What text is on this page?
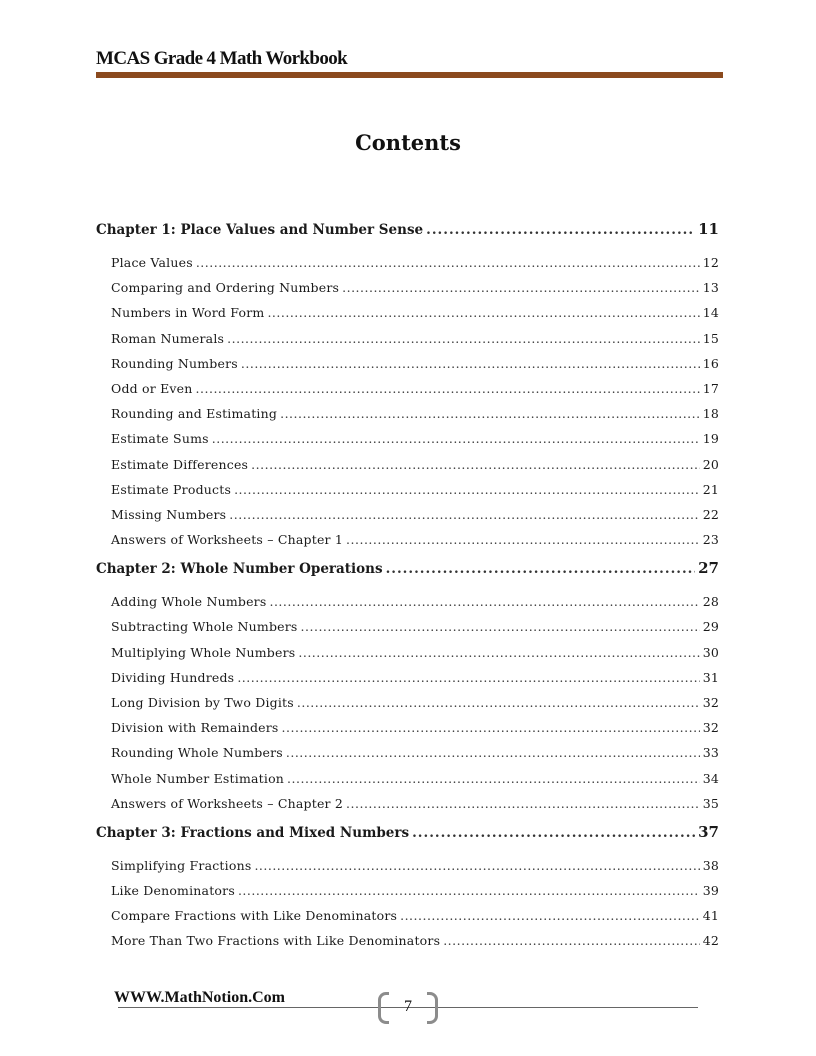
MCAS Grade 4 Math Workbook
Contents
Chapter 1: Place Values and Number Sense .....	11
Place Values .....	12
Comparing and Ordering Numbers .....	13
Numbers in Word Form .....	14
Roman Numerals .....	15
Rounding Numbers .....	16
Odd or Even .....	17
Rounding and Estimating .....	18
Estimate Sums .....	19
Estimate Differences .....	20
Estimate Products .....	21
Missing Numbers .....	22
Answers of Worksheets – Chapter 1 .....	23
Chapter 2: Whole Number Operations .....	27
Adding Whole Numbers .....	28
Subtracting Whole Numbers .....	29
Multiplying Whole Numbers .....	30
Dividing Hundreds .....	31
Long Division by Two Digits .....	32
Division with Remainders .....	32
Rounding Whole Numbers .....	33
Whole Number Estimation .....	34
Answers of Worksheets – Chapter 2 .....	35
Chapter 3: Fractions and Mixed Numbers .....	37
Simplifying Fractions .....	38
Like Denominators .....	39
Compare Fractions with Like Denominators .....	41
More Than Two Fractions with Like Denominators .....	42
WWW.MathNotion.Com
7
